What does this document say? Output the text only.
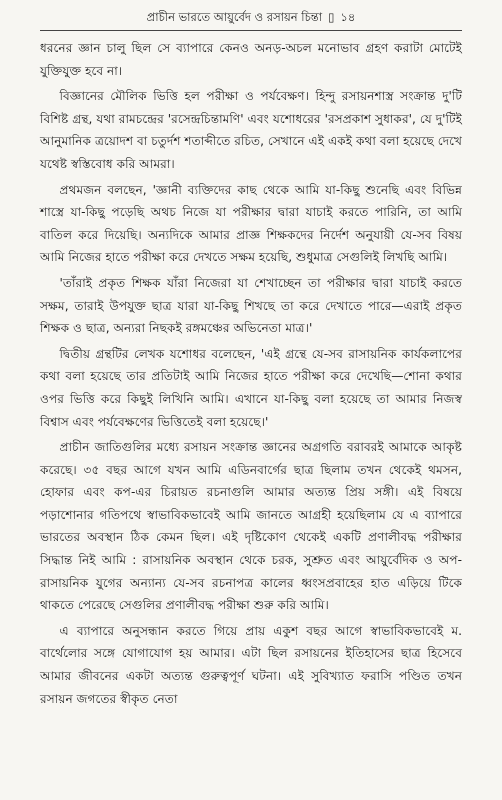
প্রাচীন ভারতে আয়ুর্বেদ ও রসায়ন চিন্তা ▯ ১৪

ধরনের জ্ঞান চালু ছিল সে ব্যাপারে কেনও অনড়-অচল মনোভাব গ্রহণ করাটা মোটেই যুক্তিযুক্ত হবে না।

বিজ্ঞানের মৌলিক ভিত্তি হল পরীক্ষা ও পর্যবেক্ষণ। হিন্দু রসায়নশাস্ত্র সংক্রান্ত দু'টি বিশিষ্ট গ্রন্থ, যথা রামচন্দ্রের 'রসেন্দ্রচিন্তামণি' এবং যশোধরের 'রসপ্রকাশ সুধাকর', যে দু'টিই আনুমানিক ত্রয়োদশ বা চতুর্দশ শতাব্দীতে রচিত, সেখানে এই একই কথা বলা হয়েছে দেখে যথেষ্ট স্বস্তিবোধ করি আমরা।

প্রথমজন বলছেন, 'জ্ঞানী ব্যক্তিদের কাছ থেকে আমি যা-কিছু শুনেছি এবং বিভিন্ন শাস্ত্রে যা-কিছু পড়েছি অথচ নিজে যা পরীক্ষার দ্বারা যাচাই করতে পারিনি, তা আমি বাতিল করে দিয়েছি। অন্যদিকে আমার প্রাজ্ঞ শিক্ষকদের নির্দেশ অনুযায়ী যে-সব বিষয় আমি নিজের হাতে পরীক্ষা করে দেখতে সক্ষম হয়েছি, শুধুমাত্র সেগুলিই লিখছি আমি।

'তাঁরাই প্রকৃত শিক্ষক যাঁরা নিজেরা যা শেখাচ্ছেন তা পরীক্ষার দ্বারা যাচাই করতে সক্ষম, তারাই উপযুক্ত ছাত্র যারা যা-কিছু শিখছে তা করে দেখাতে পারে—এরাই প্রকৃত শিক্ষক ও ছাত্র, অন্যরা নিছকই রঙ্গমঞ্চের অভিনেতা মাত্র।'

দ্বিতীয় গ্রন্থটির লেখক যশোধর বলেছেন, 'এই গ্রন্থে যে-সব রাসায়নিক কার্যকলাপের কথা বলা হয়েছে তার প্রতিটাই আমি নিজের হাতে পরীক্ষা করে দেখেছি—শোনা কথার ওপর ভিত্তি করে কিছুই লিখিনি আমি। এখানে যা-কিছু বলা হয়েছে তা আমার নিজস্ব বিশ্বাস এবং পর্যবেক্ষণের ভিত্তিতেই বলা হয়েছে।'

প্রাচীন জাতিগুলির মধ্যে রসায়ন সংক্রান্ত জ্ঞানের অগ্রগতি বরাবরই আমাকে আকৃষ্ট করেছে। ৩৫ বছর আগে যখন আমি এডিনবার্গের ছাত্র ছিলাম তখন থেকেই থমসন, হোফার এবং কপ-এর চিরায়ত রচনাগুলি আমার অত্যন্ত প্রিয় সঙ্গী। এই বিষয়ে পড়াশোনার গতিপথে স্বাভাবিকভাবেই আমি জানতে আগ্রহী হয়েছিলাম যে এ ব্যাপারে ভারতের অবস্থান ঠিক কেমন ছিল। এই দৃষ্টিকোণ থেকেই একটি প্রণালীবদ্ধ পরীক্ষার সিদ্ধান্ত নিই আমি : রাসায়নিক অবস্থান থেকে চরক, সুশ্রুত এবং আয়ুর্বেদিক ও অপ-রাসায়নিক যুগের অন্যান্য যে-সব রচনাপত্র কালের ধ্বংসপ্রবাহের হাত এড়িয়ে টিকে থাকতে পেরেছে সেগুলির প্রণালীবদ্ধ পরীক্ষা শুরু করি আমি।

এ ব্যাপারে অনুসন্ধান করতে গিয়ে প্রায় একুশ বছর আগে স্বাভাবিকভাবেই ম. বার্থেলোর সঙ্গে যোগাযোগ হয় আমার। এটা ছিল রসায়নের ইতিহাসের ছাত্র হিসেবে আমার জীবনের একটা অত্যন্ত গুরুত্বপূর্ণ ঘটনা। এই সুবিখ্যাত ফরাসি পণ্ডিত তখন রসায়ন জগতের স্বীকৃত নেতা
